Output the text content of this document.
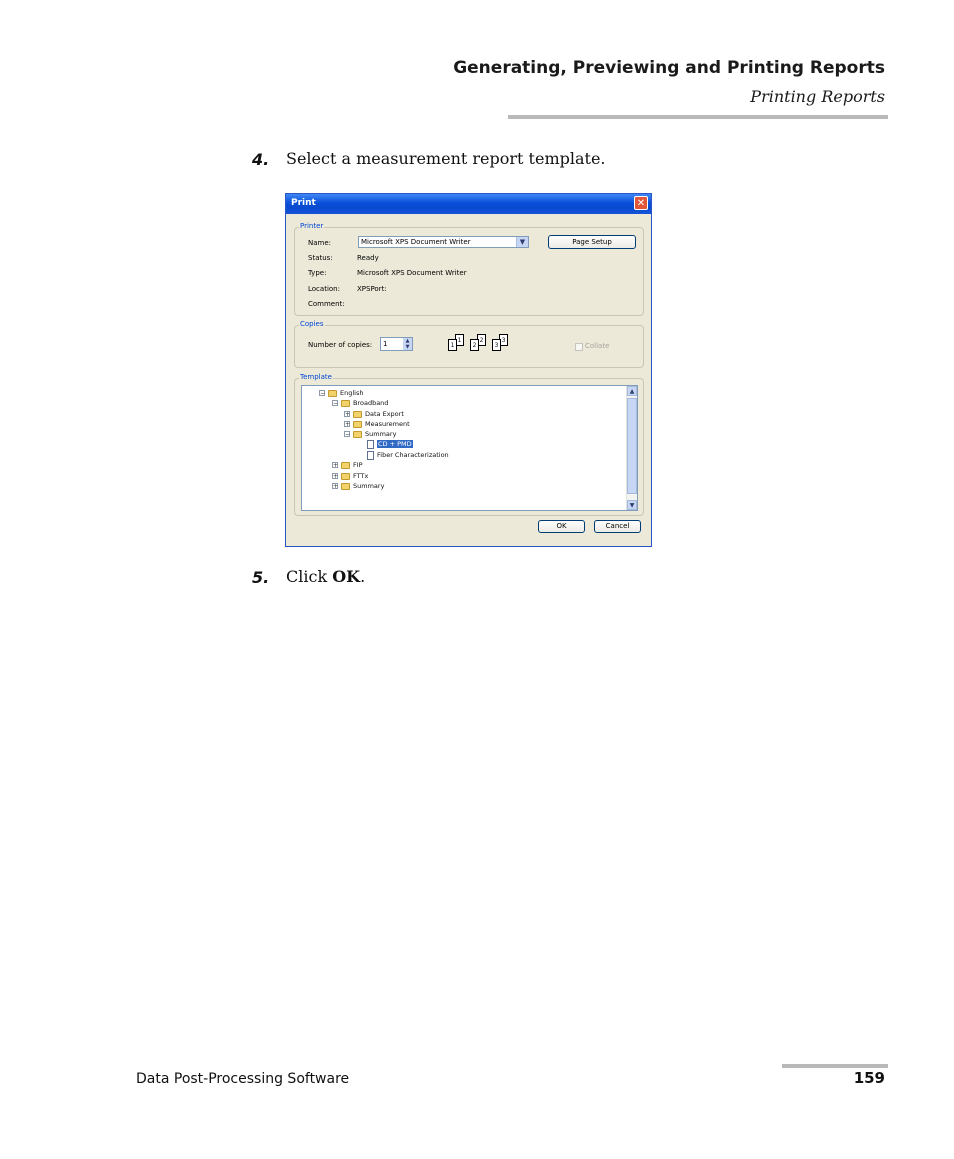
Generating, Previewing and Printing Reports
Printing Reports
4. Select a measurement report template.
Print	✕
Printer
Name:	Microsoft XPS Document Writer	▼	Page Setup
Status:	Ready
Type:	Microsoft XPS Document Writer
Location: XPSPort:
Comment:
Copies
Number of copies: 1	▲
▼
1
1
2
2
3
3	Collate
Template
− English
− Broadband
+ Data Export
+ Measurement
− Summary
CD + PMD
Fiber Characterization
+ FIP
+ FTTx
+ Summary
▲
▼
OK	Cancel
5. Click OK.
Data Post-Processing Software	159
